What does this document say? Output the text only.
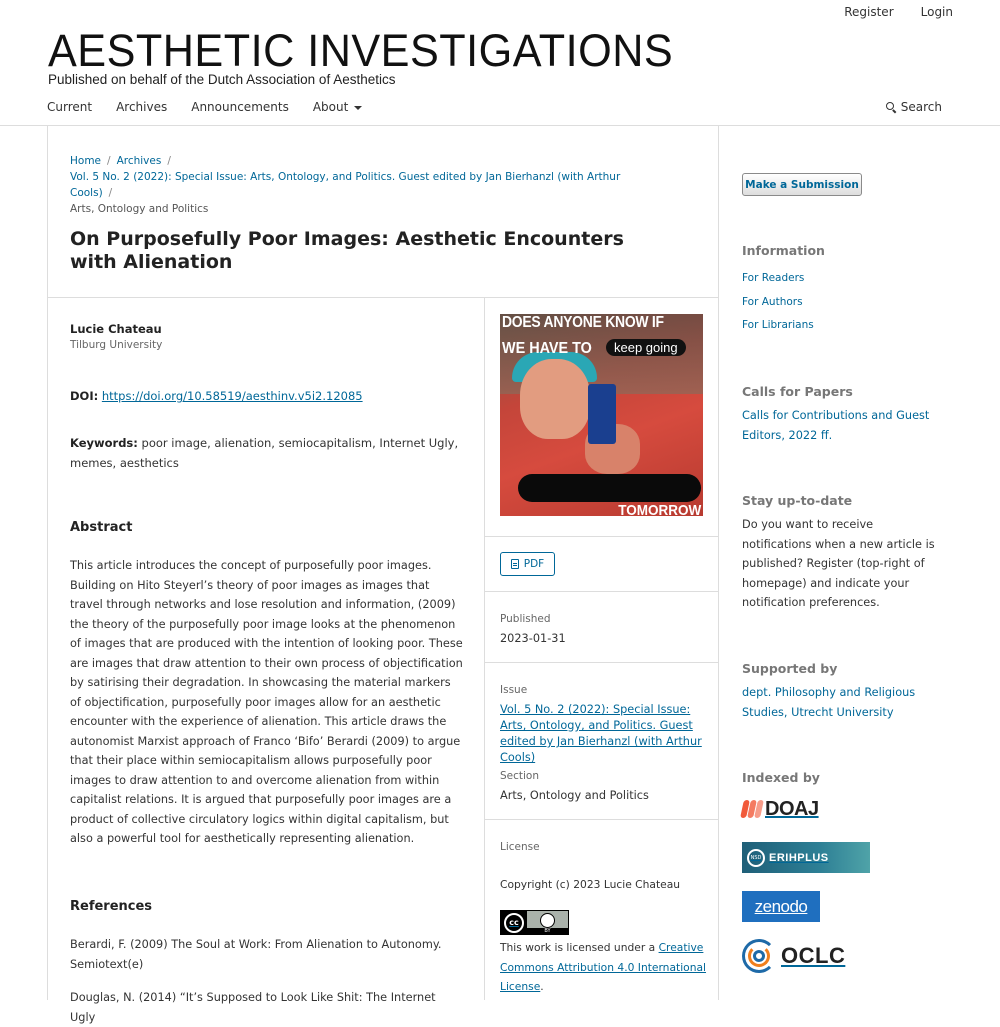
Register	Login
AESTHETIC INVESTIGATIONS
Published on behalf of the Dutch Association of Aesthetics
Current Archives Announcements About	Search
Home / Archives /
Vol. 5 No. 2 (2022): Special Issue: Arts, Ontology, and Politics. Guest edited by Jan Bierhanzl (with Arthur Cools) /
Arts, Ontology and Politics
On Purposefully Poor Images: Aesthetic Encounters with Alienation
Lucie Chateau
Tilburg University
DOI: https://doi.org/10.58519/aesthinv.v5i2.12085
Keywords: poor image, alienation, semiocapitalism, Internet Ugly, memes, aesthetics
Abstract

This article introduces the concept of purposefully poor images. Building on Hito Steyerl’s theory of poor images as images that travel through networks and lose resolution and information, (2009) the theory of the purposefully poor image looks at the phenomenon of images that are produced with the intention of looking poor. These are images that draw attention to their own process of objectification by satirising their degradation. In showcasing the material markers of objectification, purposefully poor images allow for an aesthetic encounter with the experience of alienation. This article draws the autonomist Marxist approach of Franco ‘Bifo’ Berardi (2009) to argue that their place within semiocapitalism allows purposefully poor images to draw attention to and overcome alienation from within capitalist relations. It is argued that purposefully poor images are a product of collective circulatory logics within digital capitalism, but also a powerful tool for aesthetically representing alienation.

References

Berardi, F. (2009) The Soul at Work: From Alienation to Autonomy. Semiotext(e)

Douglas, N. (2014) “It’s Supposed to Look Like Shit: The Internet Ugly

DOES ANYONE KNOW IF
WE HAVE TO	keep going
TOMORROW
PDF
Published
2023-01-31
Issue
Vol. 5 No. 2 (2022): Special Issue: Arts, Ontology, and Politics. Guest edited by Jan Bierhanzl (with Arthur Cools)
Section
Arts, Ontology and Politics
License
Copyright (c) 2023 Lucie Chateau
cc
BY

This work is licensed under a Creative Commons Attribution 4.0 International License.

Make a Submission
Information
For Readers
For Authors
For Librarians
Calls for Papers
Calls for Contributions and Guest Editors, 2022 ff.
Stay up-to-date

Do you want to receive notifications when a new article is published? Register (top-right of homepage) and indicate your notification preferences.

Supported by
dept. Philosophy and Religious Studies, Utrecht University
Indexed by
DOAJ
NSD ERIHPLUS
zenodo
OCLC
